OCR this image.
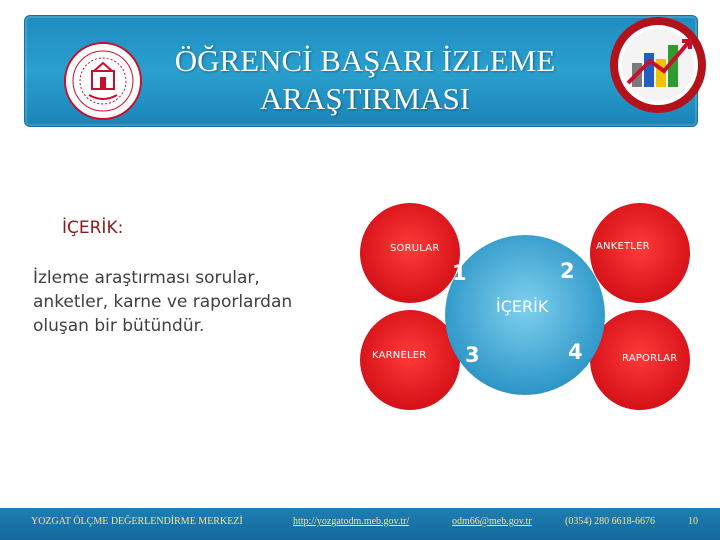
ÖĞRENCİ BAŞARI İZLEME
ARAŞTIRMASI
İÇERİK:
İzleme araştırması sorular, anketler, karne ve raporlardan oluşan bir bütündür.
SORULAR	ANKETLER
KARNELER	RAPORLAR
1	2
3	4
İÇERİK
YOZGAT ÖLÇME DEĞERLENDİRME MERKEZİ	http://yozgatodm.meb.gov.tr/	odm66@meb.gov.tr	(0354) 280 6618-6676	10
